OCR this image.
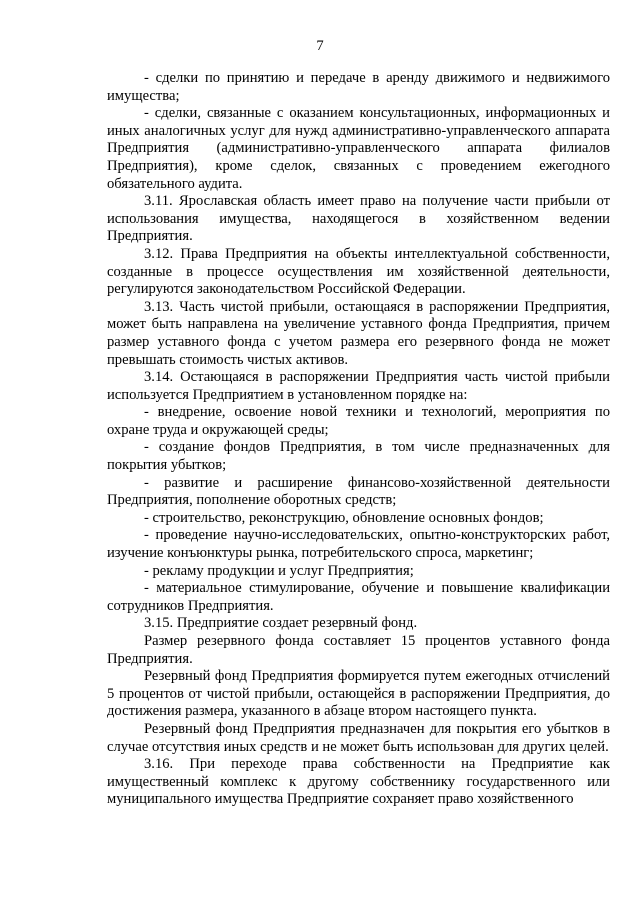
7

- сделки по принятию и передаче в аренду движимого и недвижимого имущества;

- сделки, связанные с оказанием консультационных, информационных и иных аналогичных услуг для нужд административно-управленческого аппарата Предприятия (административно-управленческого аппарата филиалов Предприятия), кроме сделок, связанных с проведением ежегодного обязательного аудита.

3.11. Ярославская область имеет право на получение части прибыли от использования имущества, находящегося в хозяйственном ведении Предприятия.

3.12. Права Предприятия на объекты интеллектуальной собственности, созданные в процессе осуществления им хозяйственной деятельности, регулируются законодательством Российской Федерации.

3.13. Часть чистой прибыли, остающаяся в распоряжении Предприятия, может быть направлена на увеличение уставного фонда Предприятия, причем размер уставного фонда с учетом размера его резервного фонда не может превышать стоимость чистых активов.

3.14. Остающаяся в распоряжении Предприятия часть чистой прибыли используется Предприятием в установленном порядке на:

- внедрение, освоение новой техники и технологий, мероприятия по охране труда и окружающей среды;

- создание фондов Предприятия, в том числе предназначенных для покрытия убытков;

- развитие и расширение финансово-хозяйственной деятельности Предприятия, пополнение оборотных средств;

- строительство, реконструкцию, обновление основных фондов;

- проведение научно-исследовательских, опытно-конструкторских работ, изучение конъюнктуры рынка, потребительского спроса, маркетинг;

- рекламу продукции и услуг Предприятия;

- материальное стимулирование, обучение и повышение квалификации сотрудников Предприятия.

3.15. Предприятие создает резервный фонд.

Размер резервного фонда составляет 15 процентов уставного фонда Предприятия.

Резервный фонд Предприятия формируется путем ежегодных отчислений 5 процентов от чистой прибыли, остающейся в распоряжении Предприятия, до достижения размера, указанного в абзаце втором настоящего пункта.

Резервный фонд Предприятия предназначен для покрытия его убытков в случае отсутствия иных средств и не может быть использован для других целей.

3.16. При переходе права собственности на Предприятие как имущественный комплекс к другому собственнику государственного или муниципального имущества Предприятие сохраняет право хозяйственного
